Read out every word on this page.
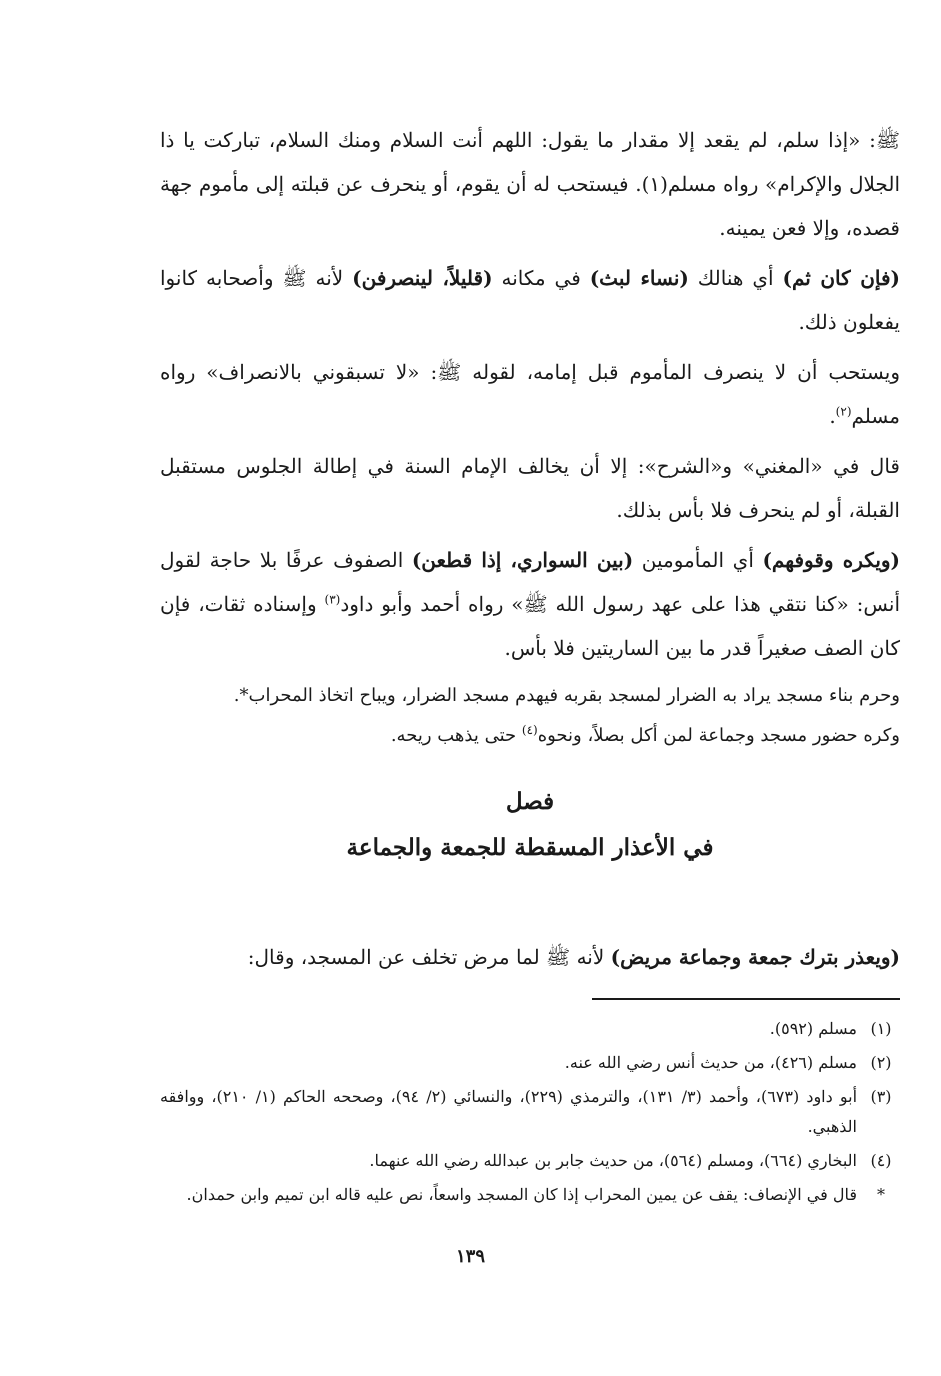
ﷺ: «إذا سلم، لم يقعد إلا مقدار ما يقول: اللهم أنت السلام ومنك السلام، تباركت يا ذا الجلال والإكرام» رواه مسلم(١). فيستحب له أن يقوم، أو ينحرف عن قبلته إلى مأموم جهة قصده، وإلا فعن يمينه.

(فإن كان ثم) أي هنالك (نساء لبث) في مكانه (قليلاً، لينصرفن) لأنه ﷺ وأصحابه كانوا يفعلون ذلك.

ويستحب أن لا ينصرف المأموم قبل إمامه، لقوله ﷺ: «لا تسبقوني بالانصراف» رواه مسلم$^{(٢)}$.

قال في «المغني» و«الشرح»: إلا أن يخالف الإمام السنة في إطالة الجلوس مستقبل القبلة، أو لم ينحرف فلا بأس بذلك.

(ويكره وقوفهم) أي المأمومين (بين السواري، إذا قطعن) الصفوف عرفًا بلا حاجة لقول أنس: «كنا نتقي هذا على عهد رسول الله ﷺ» رواه أحمد وأبو داود$^{(٣)}$ وإسناده ثقات، فإن كان الصف صغيراً قدر ما بين الساريتين فلا بأس.

وحرم بناء مسجد يراد به الضرار لمسجد بقربه فيهدم مسجد الضرار، ويباح اتخاذ المحراب*.

وكره حضور مسجد وجماعة لمن أكل بصلاً، ونحوه$^{(٤)}$ حتى يذهب ريحه.

فصل
في الأعذار المسقطة للجمعة والجماعة

(ويعذر بترك جمعة وجماعة مريض) لأنه ﷺ لما مرض تخلف عن المسجد، وقال:

(١)
مسلم (٥٩٢).
(٢)
مسلم (٤٢٦)، من حديث أنس رضي الله عنه.
(٣)
أبو داود (٦٧٣)، وأحمد (٣/ ١٣١)، والترمذي (٢٢٩)، والنسائي (٢/ ٩٤)، وصححه الحاكم (١/ ٢١٠)، ووافقه الذهبي.
(٤)
البخاري (٦٦٤)، ومسلم (٥٦٤)، من حديث جابر بن عبدالله رضي الله عنهما.
*
قال في الإنصاف: يقف عن يمين المحراب إذا كان المسجد واسعاً، نص عليه قاله ابن تميم وابن حمدان.
١٣٩
